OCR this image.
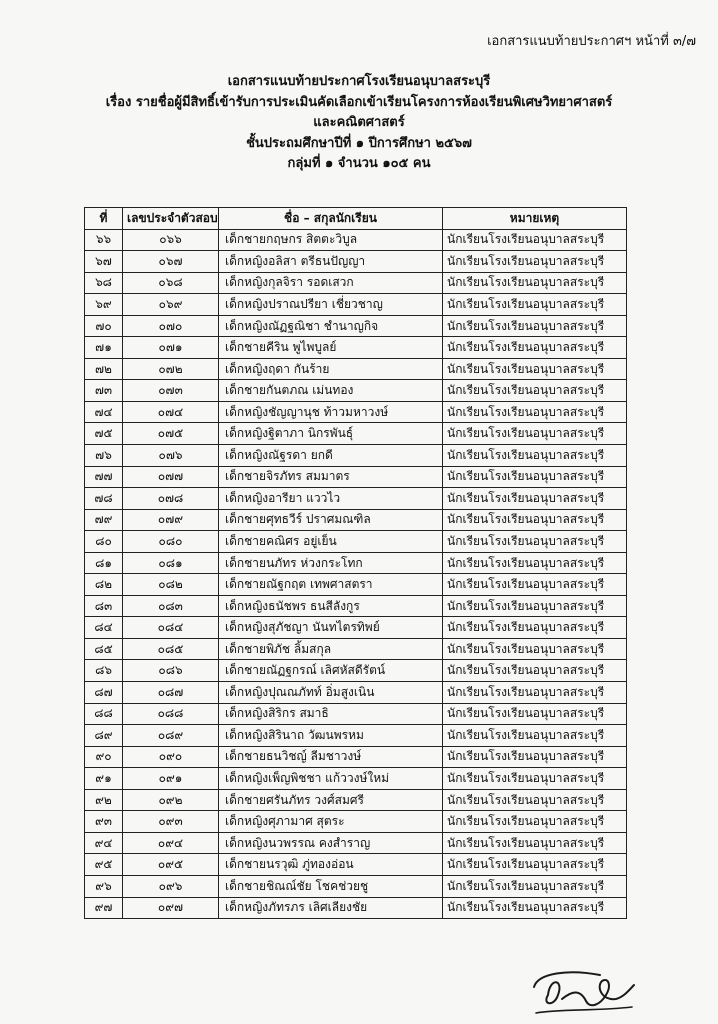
เอกสารแนบท้ายประกาศฯ หน้าที่ ๓/๗
เอกสารแนบท้ายประกาศโรงเรียนอนุบาลสระบุรี
เรื่อง รายชื่อผู้มีสิทธิ์เข้ารับการประเมินคัดเลือกเข้าเรียนโครงการห้องเรียนพิเศษวิทยาศาสตร์
และคณิตศาสตร์
ชั้นประถมศึกษาปีที่ ๑ ปีการศึกษา ๒๕๖๗
กลุ่มที่ ๑ จำนวน ๑๐๕ คน
ที่	เลขประจำตัวสอบ	ชื่อ – สกุลนักเรียน	หมายเหตุ
๖๖	๐๖๖	เด็กชายกฤษกร สิตตะวิบูล	นักเรียนโรงเรียนอนุบาลสระบุรี
๖๗	๐๖๗	เด็กหญิงอลิสา ตรีธนปัญญา	นักเรียนโรงเรียนอนุบาลสระบุรี
๖๘	๐๖๘	เด็กหญิงกุลจิรา รอดเสวก	นักเรียนโรงเรียนอนุบาลสระบุรี
๖๙	๐๖๙	เด็กหญิงปราณปรียา เชี่ยวชาญ	นักเรียนโรงเรียนอนุบาลสระบุรี
๗๐	๐๗๐	เด็กหญิงณัฏฐณิชา ชำนาญกิจ	นักเรียนโรงเรียนอนุบาลสระบุรี
๗๑	๐๗๑	เด็กชายคีริน พูไพบูลย์	นักเรียนโรงเรียนอนุบาลสระบุรี
๗๒	๐๗๒	เด็กหญิงฤดา กันร้าย	นักเรียนโรงเรียนอนุบาลสระบุรี
๗๓	๐๗๓	เด็กชายกันตภณ เม่นทอง	นักเรียนโรงเรียนอนุบาลสระบุรี
๗๔	๐๗๔	เด็กหญิงชัญญานุช ท้าวมหาวงษ์	นักเรียนโรงเรียนอนุบาลสระบุรี
๗๕	๐๗๕	เด็กหญิงฐิตาภา นิกรพันธุ์	นักเรียนโรงเรียนอนุบาลสระบุรี
๗๖	๐๗๖	เด็กหญิงณัฐรดา ยกดี	นักเรียนโรงเรียนอนุบาลสระบุรี
๗๗	๐๗๗	เด็กชายจิรภัทร สมมาตร	นักเรียนโรงเรียนอนุบาลสระบุรี
๗๘	๐๗๘	เด็กหญิงอารียา แววไว	นักเรียนโรงเรียนอนุบาลสระบุรี
๗๙	๐๗๙	เด็กชายศุทธวีร์ ปราศมณฑิล	นักเรียนโรงเรียนอนุบาลสระบุรี
๘๐	๐๘๐	เด็กชายคณิศร อยู่เย็น	นักเรียนโรงเรียนอนุบาลสระบุรี
๘๑	๐๘๑	เด็กชายนภัทร ห่วงกระโทก	นักเรียนโรงเรียนอนุบาลสระบุรี
๘๒	๐๘๒	เด็กชายณัฐกฤต เทพศาสตรา	นักเรียนโรงเรียนอนุบาลสระบุรี
๘๓	๐๘๓	เด็กหญิงธนัชพร ธนสีลังกูร	นักเรียนโรงเรียนอนุบาลสระบุรี
๘๔	๐๘๔	เด็กหญิงสุภัชญา นันทไตรทิพย์	นักเรียนโรงเรียนอนุบาลสระบุรี
๘๕	๐๘๕	เด็กชายพิภัช ลิ้มสกุล	นักเรียนโรงเรียนอนุบาลสระบุรี
๘๖	๐๘๖	เด็กชายณัฏฐกรณ์ เลิศหัสดีรัตน์	นักเรียนโรงเรียนอนุบาลสระบุรี
๘๗	๐๘๗	เด็กหญิงปุณณภัทท์ อิ่มสูงเนิน	นักเรียนโรงเรียนอนุบาลสระบุรี
๘๘	๐๘๘	เด็กหญิงสิริกร สมาธิ	นักเรียนโรงเรียนอนุบาลสระบุรี
๘๙	๐๘๙	เด็กหญิงสิรินาถ วัฒนพรหม	นักเรียนโรงเรียนอนุบาลสระบุรี
๙๐	๐๙๐	เด็กชายธนวิชญ์ ลีมชาวงษ์	นักเรียนโรงเรียนอนุบาลสระบุรี
๙๑	๐๙๑	เด็กหญิงเพ็ญพิชชา แก้ววงษ์ใหม่	นักเรียนโรงเรียนอนุบาลสระบุรี
๙๒	๐๙๒	เด็กชายศรันภัทร วงศ์สมศรี	นักเรียนโรงเรียนอนุบาลสระบุรี
๙๓	๐๙๓	เด็กหญิงศุภามาศ สุตระ	นักเรียนโรงเรียนอนุบาลสระบุรี
๙๔	๐๙๔	เด็กหญิงนวพรรณ คงสำราญ	นักเรียนโรงเรียนอนุบาลสระบุรี
๙๕	๐๙๕	เด็กชายนรวุฒิ ภู่ทองอ่อน	นักเรียนโรงเรียนอนุบาลสระบุรี
๙๖	๐๙๖	เด็กชายชิณณ์ชัย โชคช่วยชู	นักเรียนโรงเรียนอนุบาลสระบุรี
๙๗	๐๙๗	เด็กหญิงภัทรภร เลิศเลียงชัย	นักเรียนโรงเรียนอนุบาลสระบุรี
